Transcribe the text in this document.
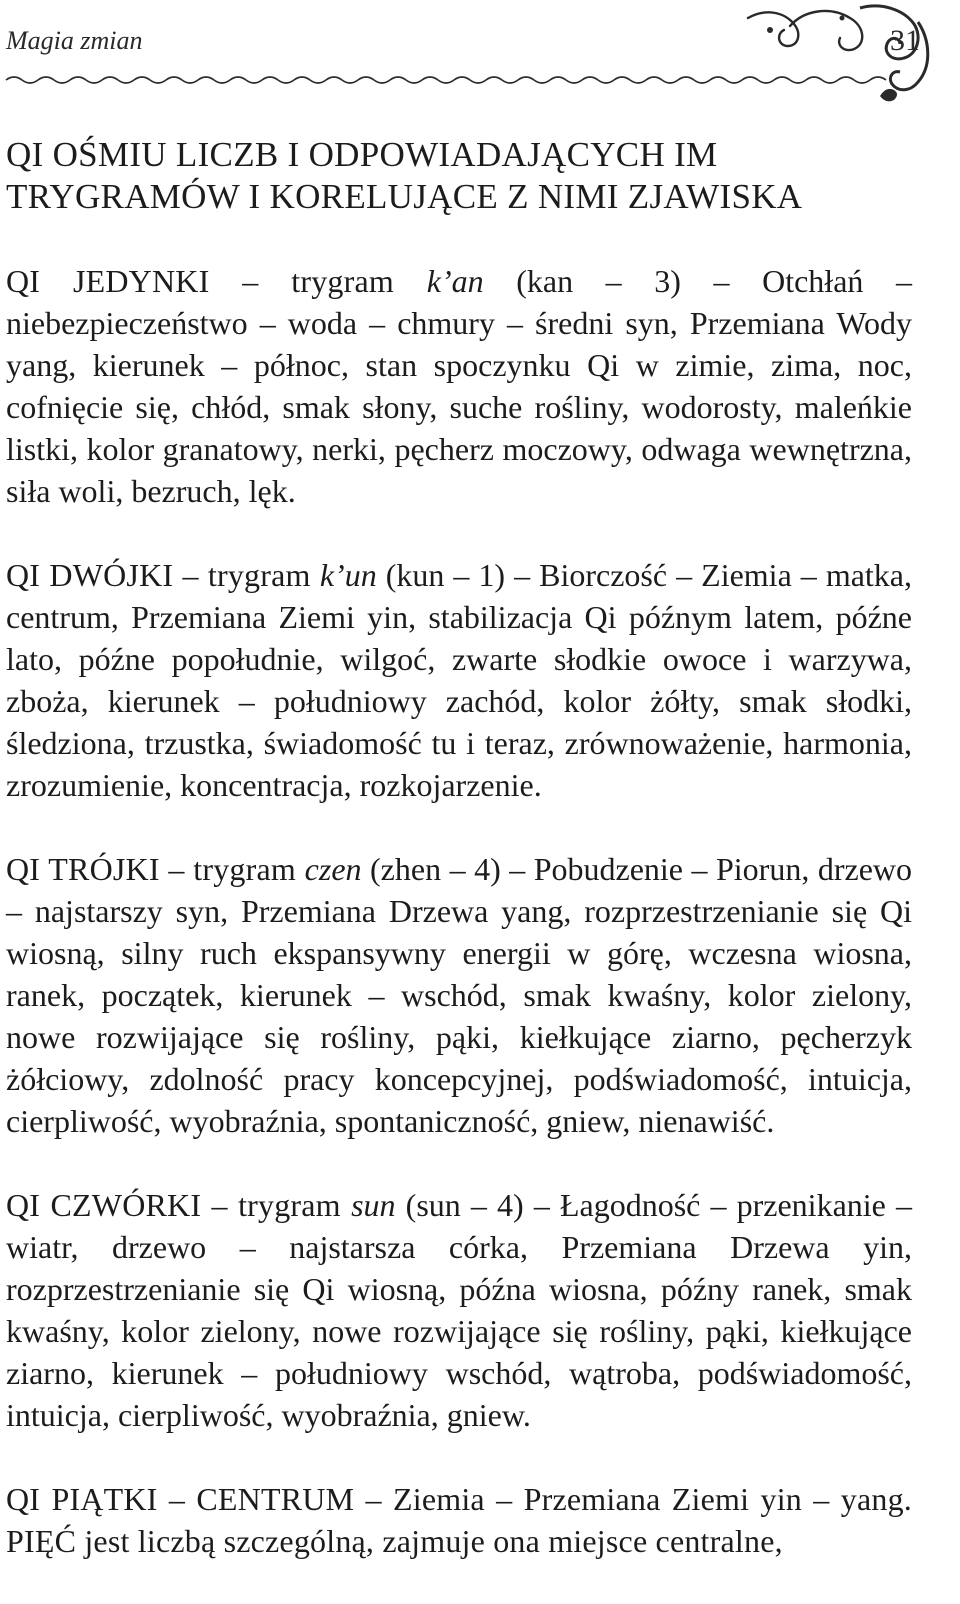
Magia zmian	31
QI OŚMIU LICZB I ODPOWIADAJĄCYCH IM TRYGRAMÓW I KORELUJĄCE Z NIMI ZJAWISKA

QI JEDYNKI – trygram k’an (kan – 3) – Otchłań – niebezpieczeństwo – woda – chmury – średni syn, Przemiana Wody yang, kierunek – północ, stan spoczynku Qi w zimie, zima, noc, cofnięcie się, chłód, smak słony, suche rośliny, wodorosty, maleńkie listki, kolor granatowy, nerki, pęcherz moczowy, odwaga wewnętrzna, siła woli, bezruch, lęk.

QI DWÓJKI – trygram k’un (kun – 1) – Biorczość – Ziemia – matka, centrum, Przemiana Ziemi yin, stabilizacja Qi późnym latem, późne lato, późne popołudnie, wilgoć, zwarte słodkie owoce i warzywa, zboża, kierunek – południowy zachód, kolor żółty, smak słodki, śledziona, trzustka, świadomość tu i teraz, zrównoważenie, harmonia, zrozumienie, koncentracja, rozkojarzenie.

QI TRÓJKI – trygram czen (zhen – 4) – Pobudzenie – Piorun, drzewo – najstarszy syn, Przemiana Drzewa yang, rozprzestrzenianie się Qi wiosną, silny ruch ekspansywny energii w górę, wczesna wiosna, ranek, początek, kierunek – wschód, smak kwaśny, kolor zielony, nowe rozwijające się rośliny, pąki, kiełkujące ziarno, pęcherzyk żółciowy, zdolność pracy koncepcyjnej, podświadomość, intuicja, cierpliwość, wyobraźnia, spontaniczność, gniew, nienawiść.

QI CZWÓRKI – trygram sun (sun – 4) – Łagodność – przenikanie – wiatr, drzewo – najstarsza córka, Przemiana Drzewa yin, rozprzestrzenianie się Qi wiosną, późna wiosna, późny ranek, smak kwaśny, kolor zielony, nowe rozwijające się rośliny, pąki, kiełkujące ziarno, kierunek – południowy wschód, wątroba, podświadomość, intuicja, cierpliwość, wyobraźnia, gniew.

QI PIĄTKI – CENTRUM – Ziemia – Przemiana Ziemi yin – yang. PIĘĆ jest liczbą szczególną, zajmuje ona miejsce centralne,
